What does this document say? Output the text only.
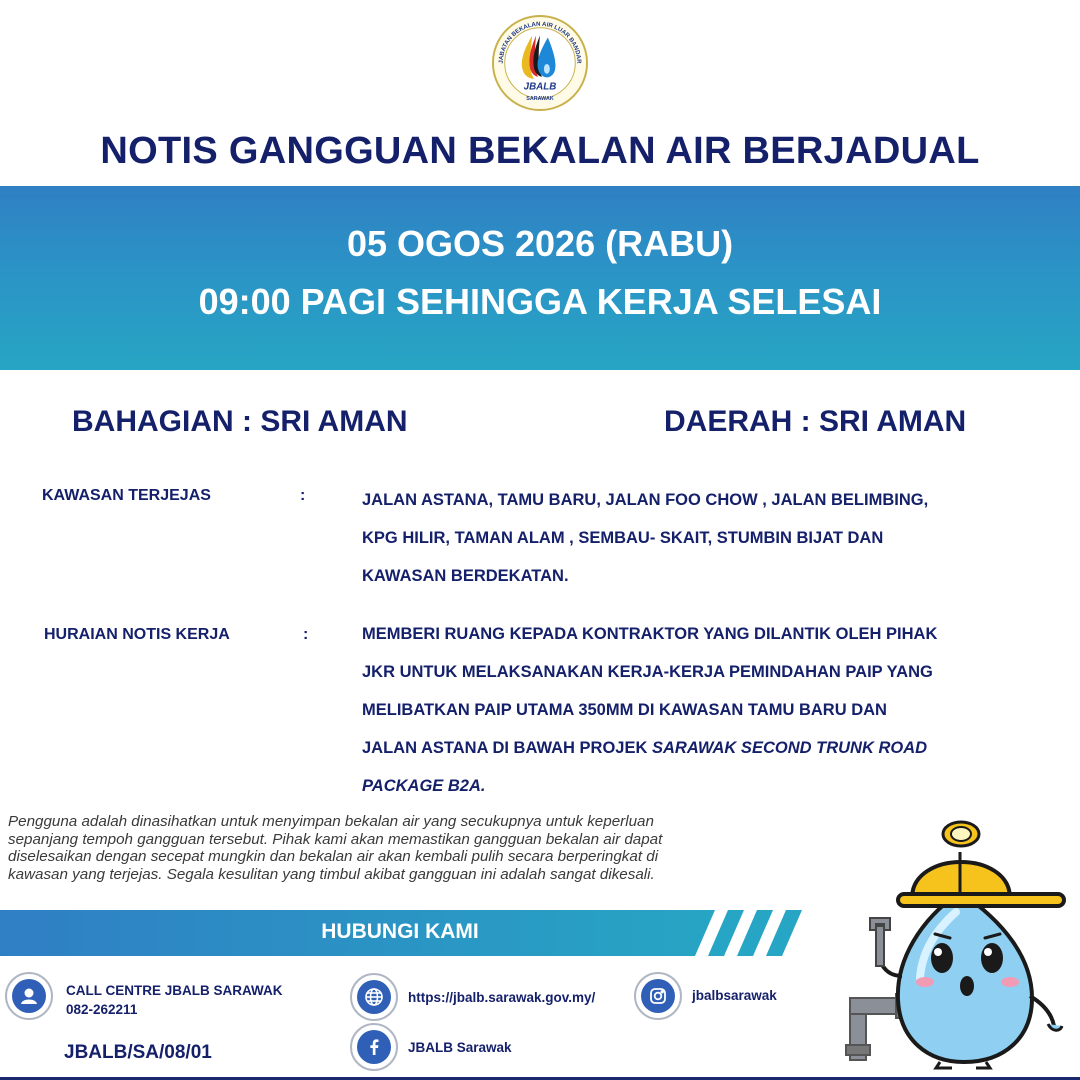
JABATAN BEKALAN AIR LUAR BANDAR
JBALB
SARAWAK
NOTIS GANGGUAN BEKALAN AIR BERJADUAL
05 OGOS 2026 (RABU)
09:00 PAGI SEHINGGA KERJA SELESAI
BAHAGIAN : SRI AMAN	DAERAH : SRI AMAN
KAWASAN TERJEJAS	:	JALAN ASTANA, TAMU BARU, JALAN FOO CHOW , JALAN BELIMBING,
KPG HILIR, TAMAN ALAM , SEMBAU- SKAIT, STUMBIN BIJAT DAN
KAWASAN BERDEKATAN.
HURAIAN NOTIS KERJA	:	MEMBERI RUANG KEPADA KONTRAKTOR YANG DILANTIK OLEH PIHAK
JKR UNTUK MELAKSANAKAN KERJA-KERJA PEMINDAHAN PAIP YANG
MELIBATKAN PAIP UTAMA 350MM DI KAWASAN TAMU BARU DAN
JALAN ASTANA DI BAWAH PROJEK SARAWAK SECOND TRUNK ROAD
PACKAGE B2A.
Pengguna adalah dinasihatkan untuk menyimpan bekalan air yang secukupnya untuk keperluan
sepanjang tempoh gangguan tersebut. Pihak kami akan memastikan gangguan bekalan air dapat
diselesaikan dengan secepat mungkin dan bekalan air akan kembali pulih secara berperingkat di
kawasan yang terjejas. Segala kesulitan yang timbul akibat gangguan ini adalah sangat dikesali.
HUBUNGI KAMI
CALL CENTRE JBALB SARAWAK
082-262211
https://jbalb.sarawak.gov.my/	jbalbsarawak
JBALB Sarawak
JBALB/SA/08/01
